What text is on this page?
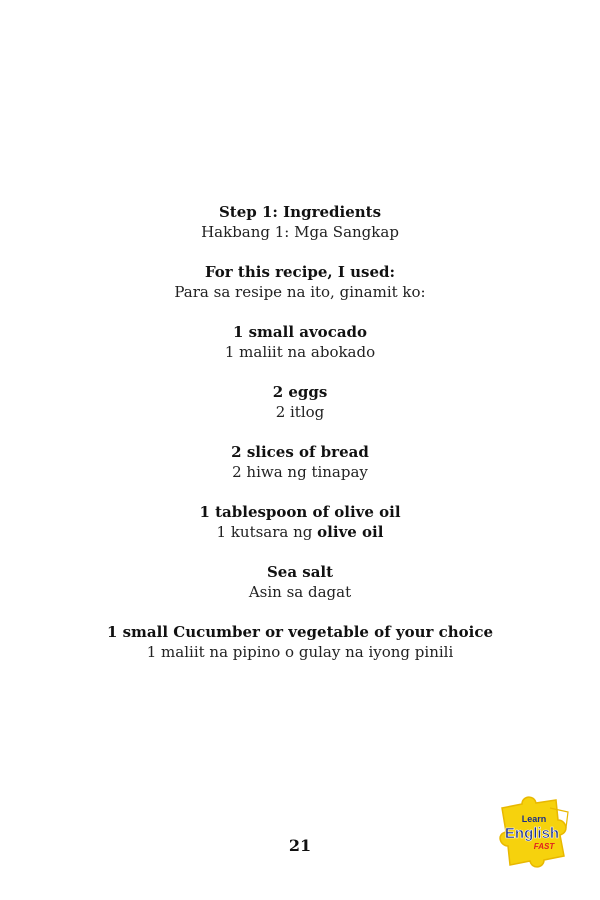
Step 1: Ingredients
Hakbang 1: Mga Sangkap
For this recipe, I used:
Para sa resipe na ito, ginamit ko:
1 small avocado
1 maliit na abokado
2 eggs
2 itlog
2 slices of bread
2 hiwa ng tinapay
1 tablespoon of olive oil
1 kutsara ng olive oil
Sea salt
Asin sa dagat
1 small Cucumber or vegetable of your choice
1 maliit na pipino o gulay na iyong pinili
21
Learn
English
FAST
